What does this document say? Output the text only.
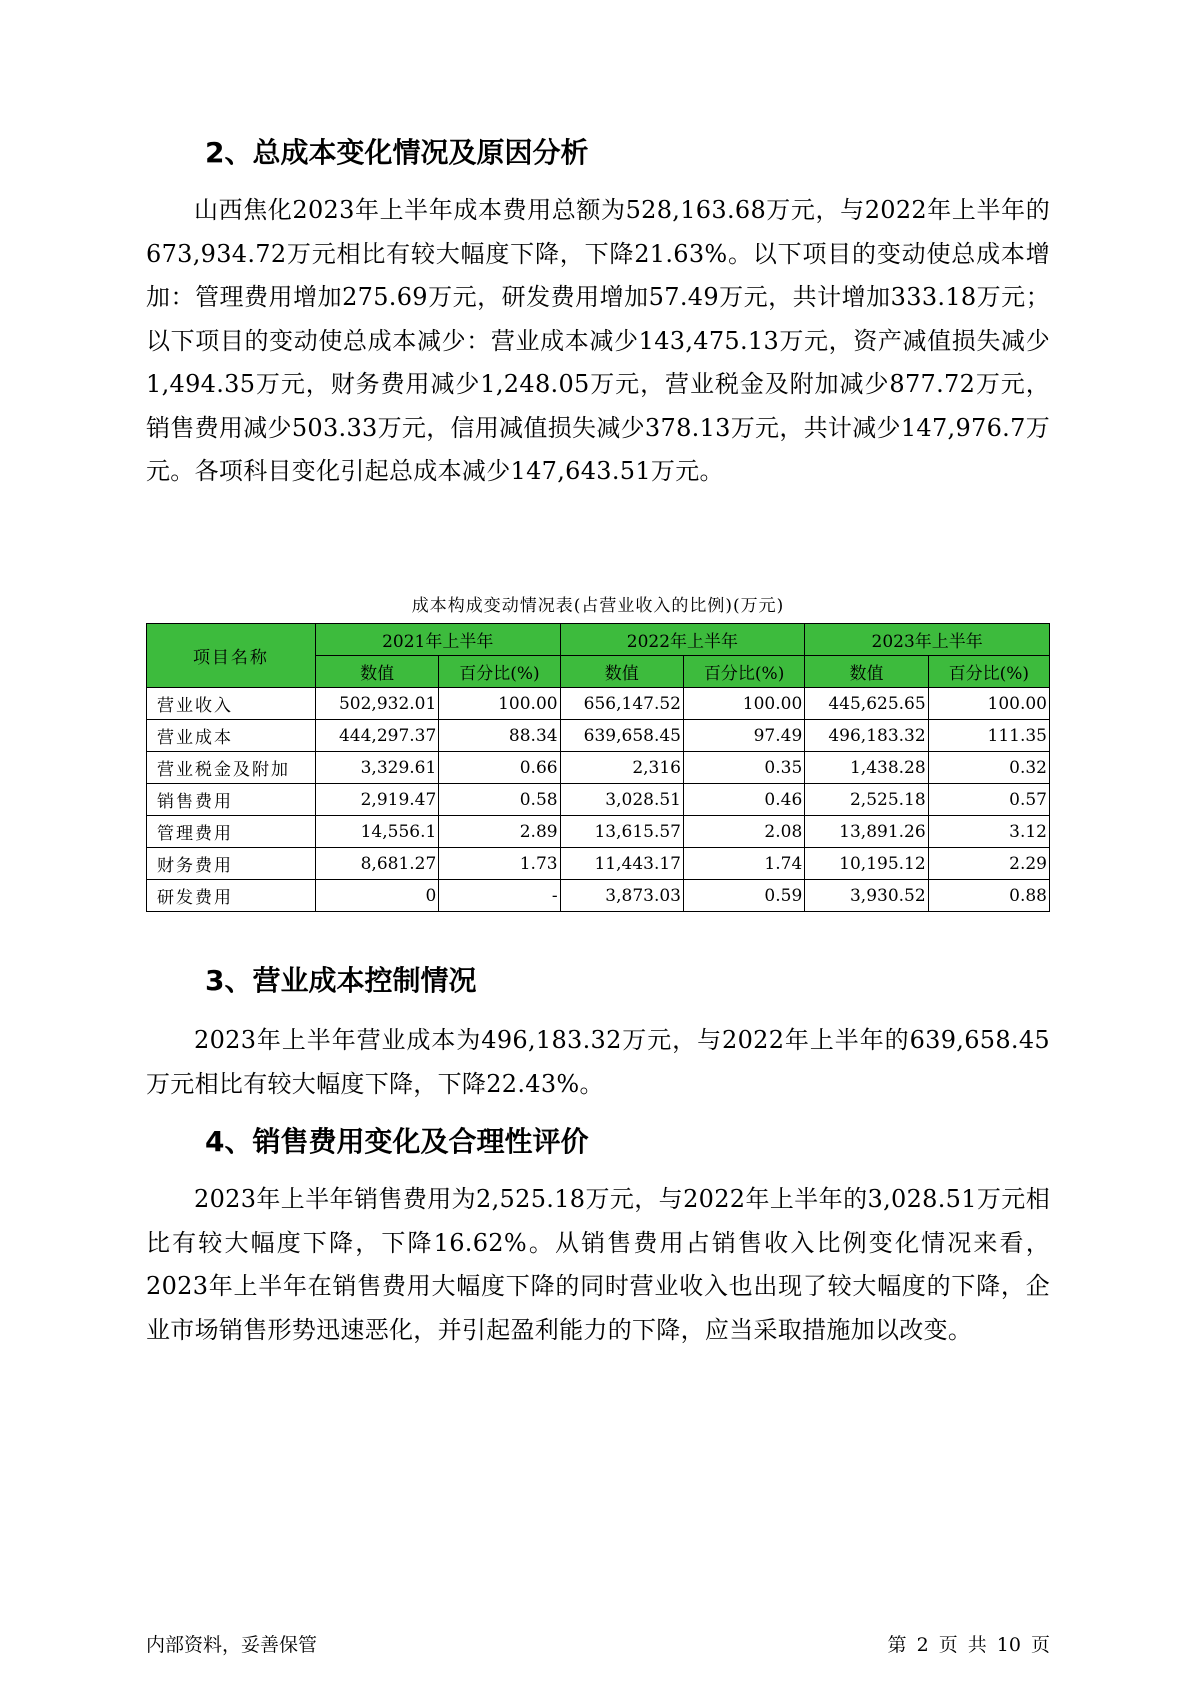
2、总成本变化情况及原因分析

山西焦化2023年上半年成本费用总额为528,163.68万元，与2022年上半年的673,934.72万元相比有较大幅度下降，下降21.63%。以下项目的变动使总成本增加：管理费用增加275.69万元，研发费用增加57.49万元，共计增加333.18万元；以下项目的变动使总成本减少：营业成本减少143,475.13万元，资产减值损失减少1,494.35万元，财务费用减少1,248.05万元，营业税金及附加减少877.72万元，销售费用减少503.33万元，信用减值损失减少378.13万元，共计减少147,976.7万元。各项科目变化引起总成本减少147,643.51万元。

成本构成变动情况表(占营业收入的比例)(万元)
项目名称	2021年上半年		2022年上半年		2023年上半年	
	数值	百分比(%)	数值	百分比(%)	数值	百分比(%)
营业收入	502,932.01	100.00	656,147.52	100.00	445,625.65	100.00
营业成本	444,297.37	88.34	639,658.45	97.49	496,183.32	111.35
营业税金及附加	3,329.61	0.66	2,316	0.35	1,438.28	0.32
销售费用	2,919.47	0.58	3,028.51	0.46	2,525.18	0.57
管理费用	14,556.1	2.89	13,615.57	2.08	13,891.26	3.12
财务费用	8,681.27	1.73	11,443.17	1.74	10,195.12	2.29
研发费用	0	-	3,873.03	0.59	3,930.52	0.88
3、营业成本控制情况

2023年上半年营业成本为496,183.32万元，与2022年上半年的639,658.45万元相比有较大幅度下降，下降22.43%。

4、销售费用变化及合理性评价

2023年上半年销售费用为2,525.18万元，与2022年上半年的3,028.51万元相比有较大幅度下降，下降16.62%。从销售费用占销售收入比例变化情况来看，2023年上半年在销售费用大幅度下降的同时营业收入也出现了较大幅度的下降，企业市场销售形势迅速恶化，并引起盈利能力的下降，应当采取措施加以改变。

内部资料，妥善保管	第 2 页 共 10 页
